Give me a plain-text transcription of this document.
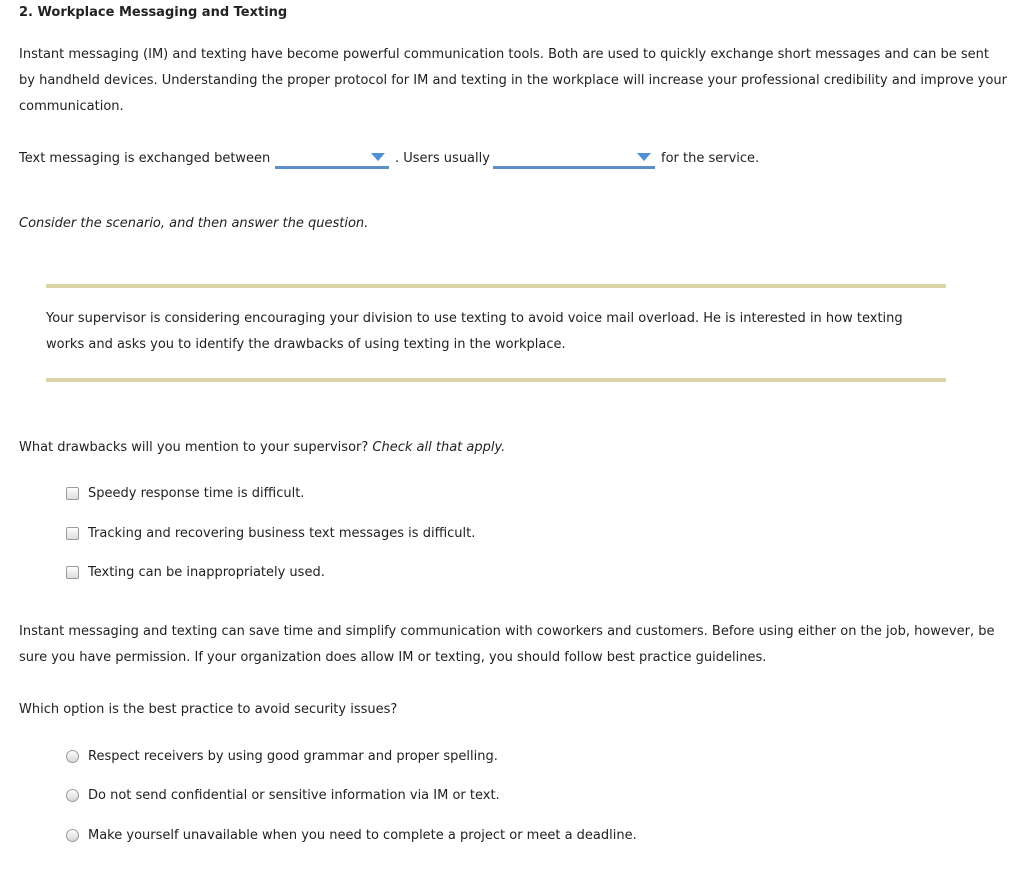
2. Workplace Messaging and Texting
Instant messaging (IM) and texting have become powerful communication tools. Both are used to quickly exchange short messages and can be sent by handheld devices. Understanding the proper protocol for IM and texting in the workplace will increase your professional credibility and improve your communication.
Text messaging is exchanged between	. Users usually	for the service.
Consider the scenario, and then answer the question.
Your supervisor is considering encouraging your division to use texting to avoid voice mail overload. He is interested in how texting works and asks you to identify the drawbacks of using texting in the workplace.
What drawbacks will you mention to your supervisor? Check all that apply.
Speedy response time is difficult.
Tracking and recovering business text messages is difficult.
Texting can be inappropriately used.
Instant messaging and texting can save time and simplify communication with coworkers and customers. Before using either on the job, however, be sure you have permission. If your organization does allow IM or texting, you should follow best practice guidelines.
Which option is the best practice to avoid security issues?
Respect receivers by using good grammar and proper spelling.
Do not send confidential or sensitive information via IM or text.
Make yourself unavailable when you need to complete a project or meet a deadline.
